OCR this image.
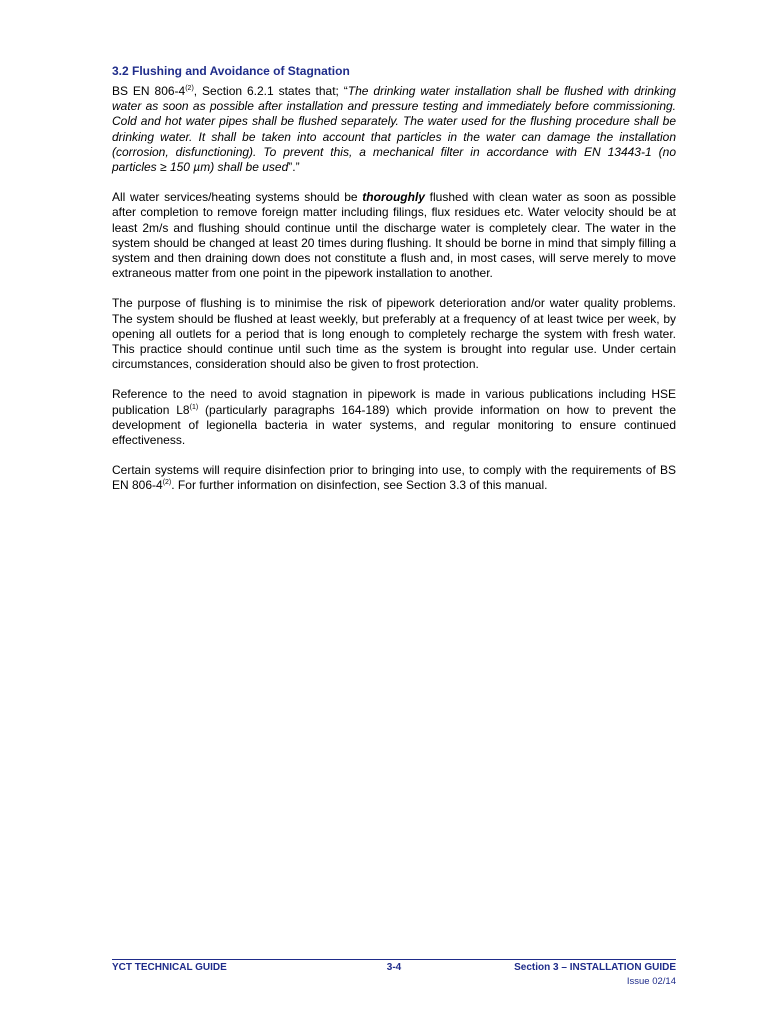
3.2 Flushing and Avoidance of Stagnation

BS EN 806-4$^{(2)}$, Section 6.2.1 states that; “The drinking water installation shall be flushed with drinking water as soon as possible after installation and pressure testing and immediately before commissioning. Cold and hot water pipes shall be flushed separately. The water used for the flushing procedure shall be drinking water. It shall be taken into account that particles in the water can damage the installation (corrosion, disfunctioning). To prevent this, a mechanical filter in accordance with EN 13443-1 (no particles ≥ 150 µm) shall be used”.”

All water services/heating systems should be thoroughly flushed with clean water as soon as possible after completion to remove foreign matter including filings, flux residues etc. Water velocity should be at least 2m/s and flushing should continue until the discharge water is completely clear. The water in the system should be changed at least 20 times during flushing. It should be borne in mind that simply filling a system and then draining down does not constitute a flush and, in most cases, will serve merely to move extraneous matter from one point in the pipework installation to another.

The purpose of flushing is to minimise the risk of pipework deterioration and/or water quality problems. The system should be flushed at least weekly, but preferably at a frequency of at least twice per week, by opening all outlets for a period that is long enough to completely recharge the system with fresh water. This practice should continue until such time as the system is brought into regular use. Under certain circumstances, consideration should also be given to frost protection.

Reference to the need to avoid stagnation in pipework is made in various publications including HSE publication L8$^{(1)}$ (particularly paragraphs 164-189) which provide information on how to prevent the development of legionella bacteria in water systems, and regular monitoring to ensure continued effectiveness.

Certain systems will require disinfection prior to bringing into use, to comply with the requirements of BS EN 806-4$^{(2)}$. For further information on disinfection, see Section 3.3 of this manual.

YCT TECHNICAL GUIDE	3-4	Section 3 – INSTALLATION GUIDE
Issue 02/14
